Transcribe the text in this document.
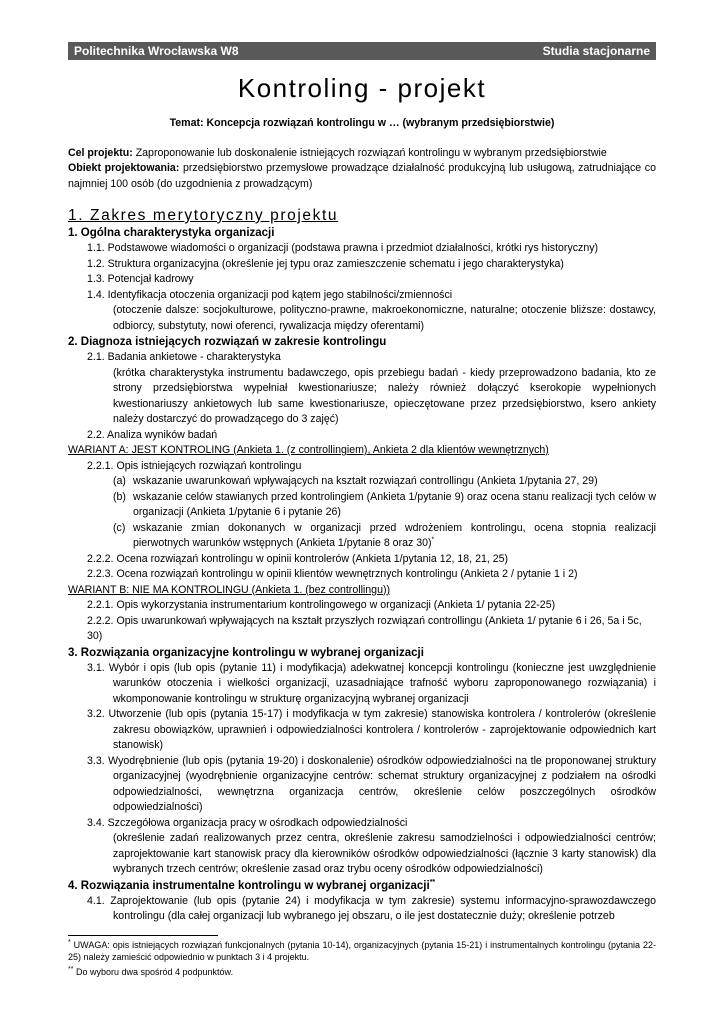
Politechnika Wrocławska W8	Studia stacjonarne
Kontroling - projekt
Temat: Koncepcja rozwiązań kontrolingu w … (wybranym przedsiębiorstwie)
Cel projektu: Zaproponowanie lub doskonalenie istniejących rozwiązań kontrolingu w wybranym przedsiębiorstwie
Obiekt projektowania: przedsiębiorstwo przemysłowe prowadzące działalność produkcyjną lub usługową, zatrudniające co najmniej 100 osób (do uzgodnienia z prowadzącym)
1. Zakres merytoryczny projektu
1. Ogólna charakterystyka organizacji
1.1. Podstawowe wiadomości o organizacji (podstawa prawna i przedmiot działalności, krótki rys historyczny)
1.2. Struktura organizacyjna (określenie jej typu oraz zamieszczenie schematu i jego charakterystyka)
1.3. Potencjał kadrowy
1.4. Identyfikacja otoczenia organizacji pod kątem jego stabilności/zmienności
(otoczenie dalsze: socjokulturowe, polityczno-prawne, makroekonomiczne, naturalne; otoczenie bliższe: dostawcy, odbiorcy, substytuty, nowi oferenci, rywalizacja między oferentami)
2. Diagnoza istniejących rozwiązań w zakresie kontrolingu
2.1. Badania ankietowe - charakterystyka
(krótka charakterystyka instrumentu badawczego, opis przebiegu badań - kiedy przeprowadzono badania, kto ze strony przedsiębiorstwa wypełniał kwestionariusze; należy również dołączyć kserokopie wypełnionych kwestionariuszy ankietowych lub same kwestionariusze, opieczętowane przez przedsiębiorstwo, ksero ankiety należy dostarczyć do prowadzącego do 3 zajęć)
2.2. Analiza wyników badań
WARIANT A: JEST KONTROLING (Ankieta 1. (z controllingiem), Ankieta 2 dla klientów wewnętrznych)
2.2.1. Opis istniejących rozwiązań kontrolingu
(a) wskazanie uwarunkowań wpływających na kształt rozwiązań controllingu (Ankieta 1/pytania 27, 29)
(b) wskazanie celów stawianych przed kontrolingiem (Ankieta 1/pytanie 9) oraz ocena stanu realizacji tych celów w organizacji (Ankieta 1/pytanie 6 i pytanie 26)
(c) wskazanie zmian dokonanych w organizacji przed wdrożeniem kontrolingu, ocena stopnia realizacji pierwotnych warunków wstępnych (Ankieta 1/pytanie 8 oraz 30)*
2.2.2. Ocena rozwiązań kontrolingu w opinii kontrolerów (Ankieta 1/pytania 12, 18, 21, 25)
2.2.3. Ocena rozwiązań kontrolingu w opinii klientów wewnętrznych kontrolingu (Ankieta 2 / pytanie 1 i 2)
WARIANT B: NIE MA KONTROLINGU (Ankieta 1. (bez controllingu))
2.2.1. Opis wykorzystania instrumentarium kontrolingowego w organizacji (Ankieta 1/ pytania 22-25)
2.2.2. Opis uwarunkowań wpływających na kształt przyszłych rozwiązań controllingu (Ankieta 1/ pytanie 6 i 26, 5a i 5c, 30)
3. Rozwiązania organizacyjne kontrolingu w wybranej organizacji
3.1. Wybór i opis (lub opis (pytanie 11) i modyfikacja) adekwatnej koncepcji kontrolingu (konieczne jest uwzględnienie warunków otoczenia i wielkości organizacji, uzasadniające trafność wyboru zaproponowanego rozwiązania) i wkomponowanie kontrolingu w strukturę organizacyjną wybranej organizacji
3.2. Utworzenie (lub opis (pytania 15-17) i modyfikacja w tym zakresie) stanowiska kontrolera / kontrolerów (określenie zakresu obowiązków, uprawnień i odpowiedzialności kontrolera / kontrolerów - zaprojektowanie odpowiednich kart stanowisk)
3.3. Wyodrębnienie (lub opis (pytania 19-20) i doskonalenie) ośrodków odpowiedzialności na tle proponowanej struktury organizacyjnej (wyodrębnienie organizacyjne centrów: schemat struktury organizacyjnej z podziałem na ośrodki odpowiedzialności, wewnętrzna organizacja centrów, określenie celów poszczególnych ośrodków odpowiedzialności)
3.4. Szczegółowa organizacja pracy w ośrodkach odpowiedzialności
(określenie zadań realizowanych przez centra, określenie zakresu samodzielności i odpowiedzialności centrów; zaprojektowanie kart stanowisk pracy dla kierowników ośrodków odpowiedzialności (łącznie 3 karty stanowisk) dla wybranych trzech centrów; określenie zasad oraz trybu oceny ośrodków odpowiedzialności)
4. Rozwiązania instrumentalne kontrolingu w wybranej organizacji**
4.1. Zaprojektowanie (lub opis (pytanie 24) i modyfikacja w tym zakresie) systemu informacyjno-sprawozdawczego kontrolingu (dla całej organizacji lub wybranego jej obszaru, o ile jest dostatecznie duży; określenie potrzeb
* UWAGA: opis istniejących rozwiązań funkcjonalnych (pytania 10-14), organizacyjnych (pytania 15-21) i instrumentalnych kontrolingu (pytania 22-25) należy zamieścić odpowiednio w punktach 3 i 4 projektu.
** Do wyboru dwa spośród 4 podpunktów.
